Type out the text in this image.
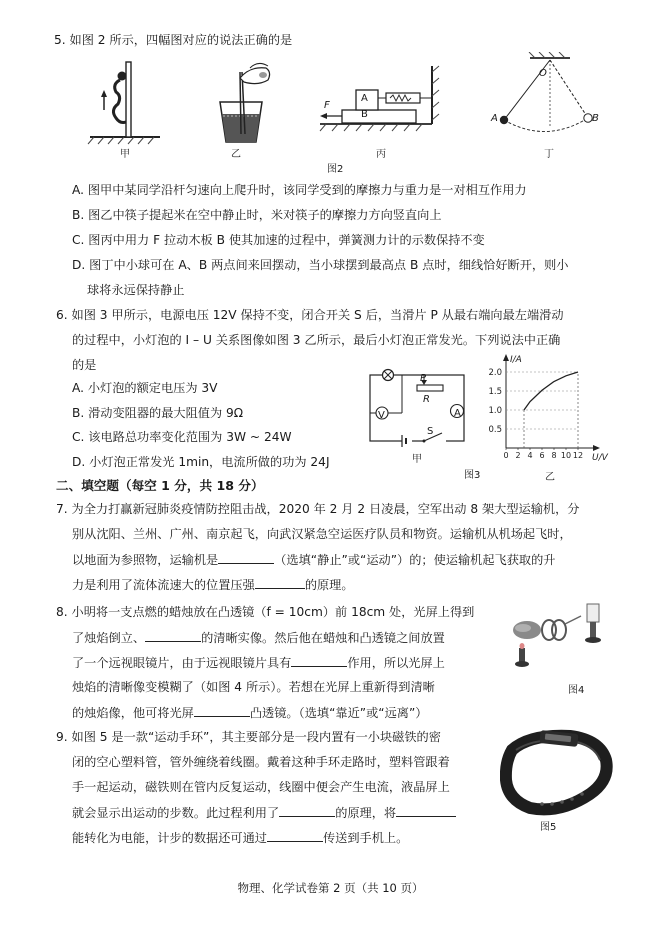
5. 如图 2 所示，四幅图对应的说法正确的是
A
B
F
O
A	B
甲	乙	丙	丁
图2
A. 图甲中某同学沿杆匀速向上爬升时，该同学受到的摩擦力与重力是一对相互作用力
B. 图乙中筷子提起米在空中静止时，米对筷子的摩擦力方向竖直向上
C. 图丙中用力 F 拉动木板 B 使其加速的过程中，弹簧测力计的示数保持不变
D. 图丁中小球可在 A、B 两点间来回摆动，当小球摆到最高点 B 点时，细线恰好断开，则小
球将永远保持静止
6. 如图 3 甲所示，电源电压 12V 保持不变，闭合开关 S 后，当滑片 P 从最右端向最左端滑动
的过程中，小灯泡的 I – U 关系图像如图 3 乙所示，最后小灯泡正常发光。下列说法中正确
的是
A. 小灯泡的额定电压为 3V
B. 滑动变阻器的最大阻值为 9Ω
C. 该电路总功率变化范围为 3W ~ 24W
D. 小灯泡正常发光 1min，电流所做的功为 24J
V	A
P
R
S
甲
0.5
1.0
1.5
2.0
0 2 4 6 8 10 12
I/A
U/V
乙
图3
二、填空题（每空 1 分，共 18 分）
7. 为全力打赢新冠肺炎疫情防控阻击战，2020 年 2 月 2 日凌晨，空军出动 8 架大型运输机，分
别从沈阳、兰州、广州、南京起飞，向武汉紧急空运医疗队员和物资。运输机从机场起飞时，
以地面为参照物，运输机是	（选填“静止”或“运动”）的；使运输机起飞获取的升
力是利用了流体流速大的位置压强	的原理。
8. 小明将一支点燃的蜡烛放在凸透镜（f = 10cm）前 18cm 处，光屏上得到
了烛焰倒立、	的清晰实像。然后他在蜡烛和凸透镜之间放置
了一个远视眼镜片，由于远视眼镜片具有	作用，所以光屏上
烛焰的清晰像变模糊了（如图 4 所示）。若想在光屏上重新得到清晰
的烛焰像，他可将光屏	凸透镜。（选填“靠近”或“远离”）
图4
9. 如图 5 是一款“运动手环”，其主要部分是一段内置有一小块磁铁的密
闭的空心塑料管，管外缠绕着线圈。戴着这种手环走路时，塑料管跟着
手一起运动，磁铁则在管内反复运动，线圈中便会产生电流，液晶屏上
就会显示出运动的步数。此过程利用了	的原理，将
能转化为电能，计步的数据还可通过	传送到手机上。
图5
物理、化学试卷第 2 页（共 10 页）
